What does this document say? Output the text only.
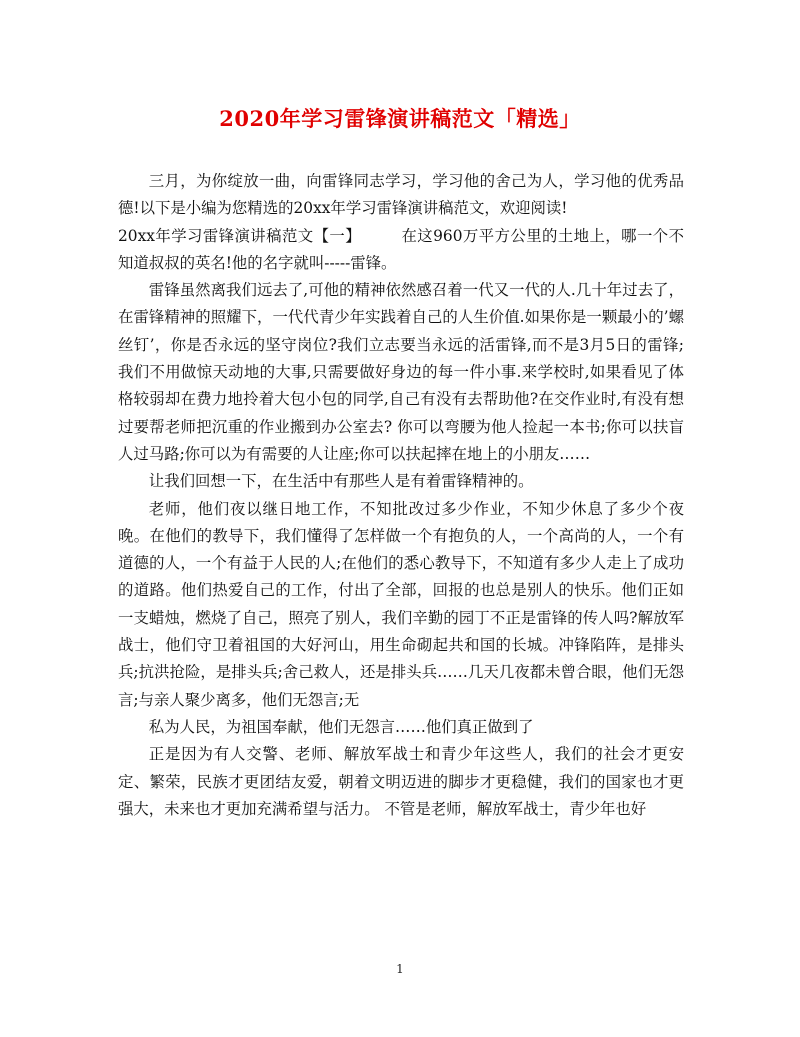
2020年学习雷锋演讲稿范文「精选」

三月，为你绽放一曲，向雷锋同志学习，学习他的舍己为人，学习他的优秀品德!以下是小编为您精选的20xx年学习雷锋演讲稿范文，欢迎阅读!

20xx年学习雷锋演讲稿范文【一】	在这960万平方公里的土地上，哪一个不知道叔叔的英名!他的名字就叫-----雷锋。

雷锋虽然离我们远去了,可他的精神依然感召着一代又一代的人.几十年过去了，在雷锋精神的照耀下，一代代青少年实践着自己的人生价值.如果你是一颗最小的’螺丝钉’，你是否永远的坚守岗位?我们立志要当永远的活雷锋,而不是3月5日的雷锋;我们不用做惊天动地的大事,只需要做好身边的每一件小事.来学校时,如果看见了体格较弱却在费力地拎着大包小包的同学,自己有没有去帮助他?在交作业时,有没有想过要帮老师把沉重的作业搬到办公室去? 你可以弯腰为他人捡起一本书;你可以扶盲人过马路;你可以为有需要的人让座;你可以扶起摔在地上的小朋友……

让我们回想一下，在生活中有那些人是有着雷锋精神的。

老师，他们夜以继日地工作，不知批改过多少作业，不知少休息了多少个夜晚。在他们的教导下，我们懂得了怎样做一个有抱负的人，一个高尚的人，一个有道德的人，一个有益于人民的人;在他们的悉心教导下，不知道有多少人走上了成功的道路。他们热爱自己的工作，付出了全部，回报的也总是别人的快乐。他们正如一支蜡烛，燃烧了自己，照亮了别人，我们辛勤的园丁不正是雷锋的传人吗?解放军战士，他们守卫着祖国的大好河山，用生命砌起共和国的长城。冲锋陷阵，是排头兵;抗洪抢险，是排头兵;舍己救人，还是排头兵……几天几夜都未曾合眼，他们无怨言;与亲人聚少离多，他们无怨言;无

私为人民，为祖国奉献，他们无怨言……他们真正做到了

正是因为有人交警、老师、解放军战士和青少年这些人，我们的社会才更安定、繁荣，民族才更团结友爱，朝着文明迈进的脚步才更稳健，我们的国家也才更强大，未来也才更加充满希望与活力。 不管是老师，解放军战士，青少年也好

1
